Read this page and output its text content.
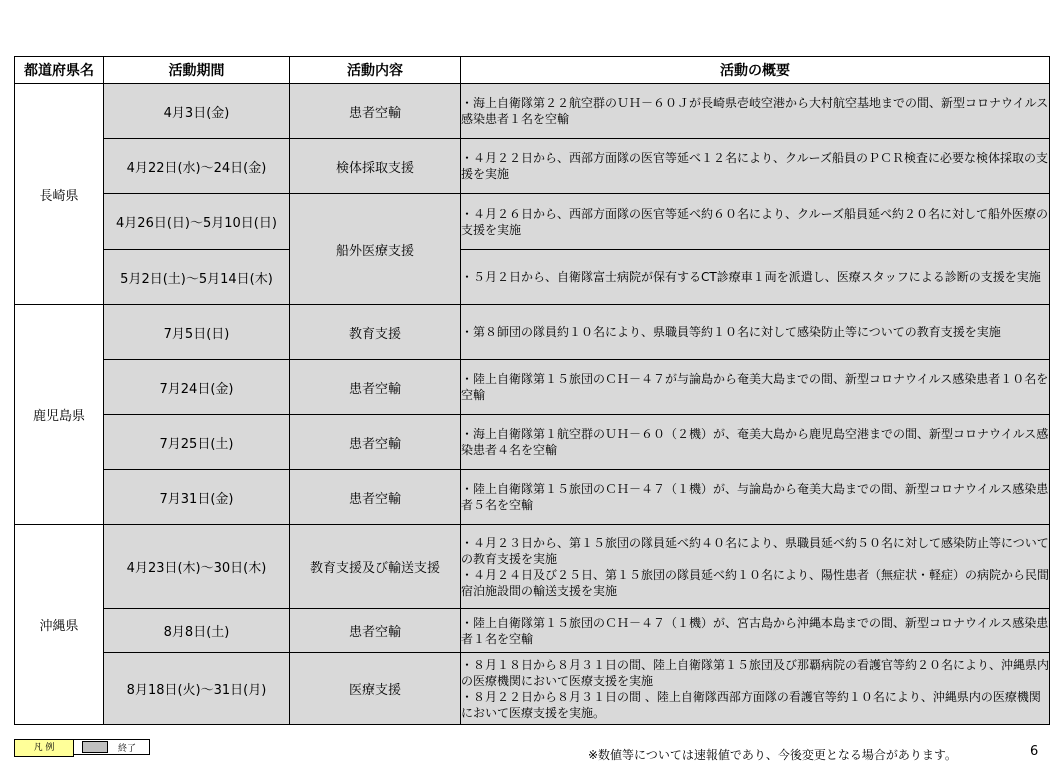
都道府県名	活動期間	活動内容	活動の概要
長崎県	4月3日(金)	患者空輸	・海上自衛隊第２２航空群のＵＨ－６０Ｊが長崎県壱岐空港から大村航空基地までの間、新型コロナウイルス感染患者１名を空輸

	4月22日(水)～24日(金)	検体採取支援	・４月２２日から、西部方面隊の医官等延べ１２名により、クルーズ船員のＰＣＲ検査に必要な検体採取の支援を実施

	4月26日(日)～5月10日(日)	船外医療支援	・４月２６日から、西部方面隊の医官等延べ約６０名により、クルーズ船員延べ約２０名に対して船外医療の支援を実施

	5月2日(土)～5月14日(木)		・５月２日から、自衛隊富士病院が保有するCT診療車１両を派遣し、医療スタッフによる診断の支援を実施

鹿児島県	7月5日(日)	教育支援	・第８師団の隊員約１０名により、県職員等約１０名に対して感染防止等についての教育支援を実施

	7月24日(金)	患者空輸	・陸上自衛隊第１５旅団のＣＨ－４７が与論島から奄美大島までの間、新型コロナウイルス感染患者１０名を空輸

	7月25日(土)	患者空輸	・海上自衛隊第１航空群のＵＨ－６０（２機）が、奄美大島から鹿児島空港までの間、新型コロナウイルス感染患者４名を空輸

	7月31日(金)	患者空輸	・陸上自衛隊第１５旅団のＣＨ－４７（１機）が、与論島から奄美大島までの間、新型コロナウイルス感染患者５名を空輸

沖縄県	4月23日(木)～30日(木)	教育支援及び輸送支援	・４月２３日から、第１５旅団の隊員延べ約４０名により、県職員延べ約５０名に対して感染防止等についての教育支援を実施
・４月２４日及び２５日、第１５旅団の隊員延べ約１０名により、陽性患者（無症状・軽症）の病院から民間宿泊施設間の輸送支援を実施

	8月8日(土)	患者空輸	・陸上自衛隊第１５旅団のＣＨ－４７（１機）が、宮古島から沖縄本島までの間、新型コロナウイルス感染患者１名を空輸

	8月18日(火)～31日(月)	医療支援	・８月１８日から８月３１日の間、陸上自衛隊第１５旅団及び那覇病院の看護官等約２０名により、沖縄県内の医療機関において医療支援を実施
・８月２２日から８月３１日の間 、陸上自衛隊西部方面隊の看護官等約１０名により、沖縄県内の医療機関において医療支援を実施。
凡 例	終了	※数値等については速報値であり、今後変更となる場合があります。	6
